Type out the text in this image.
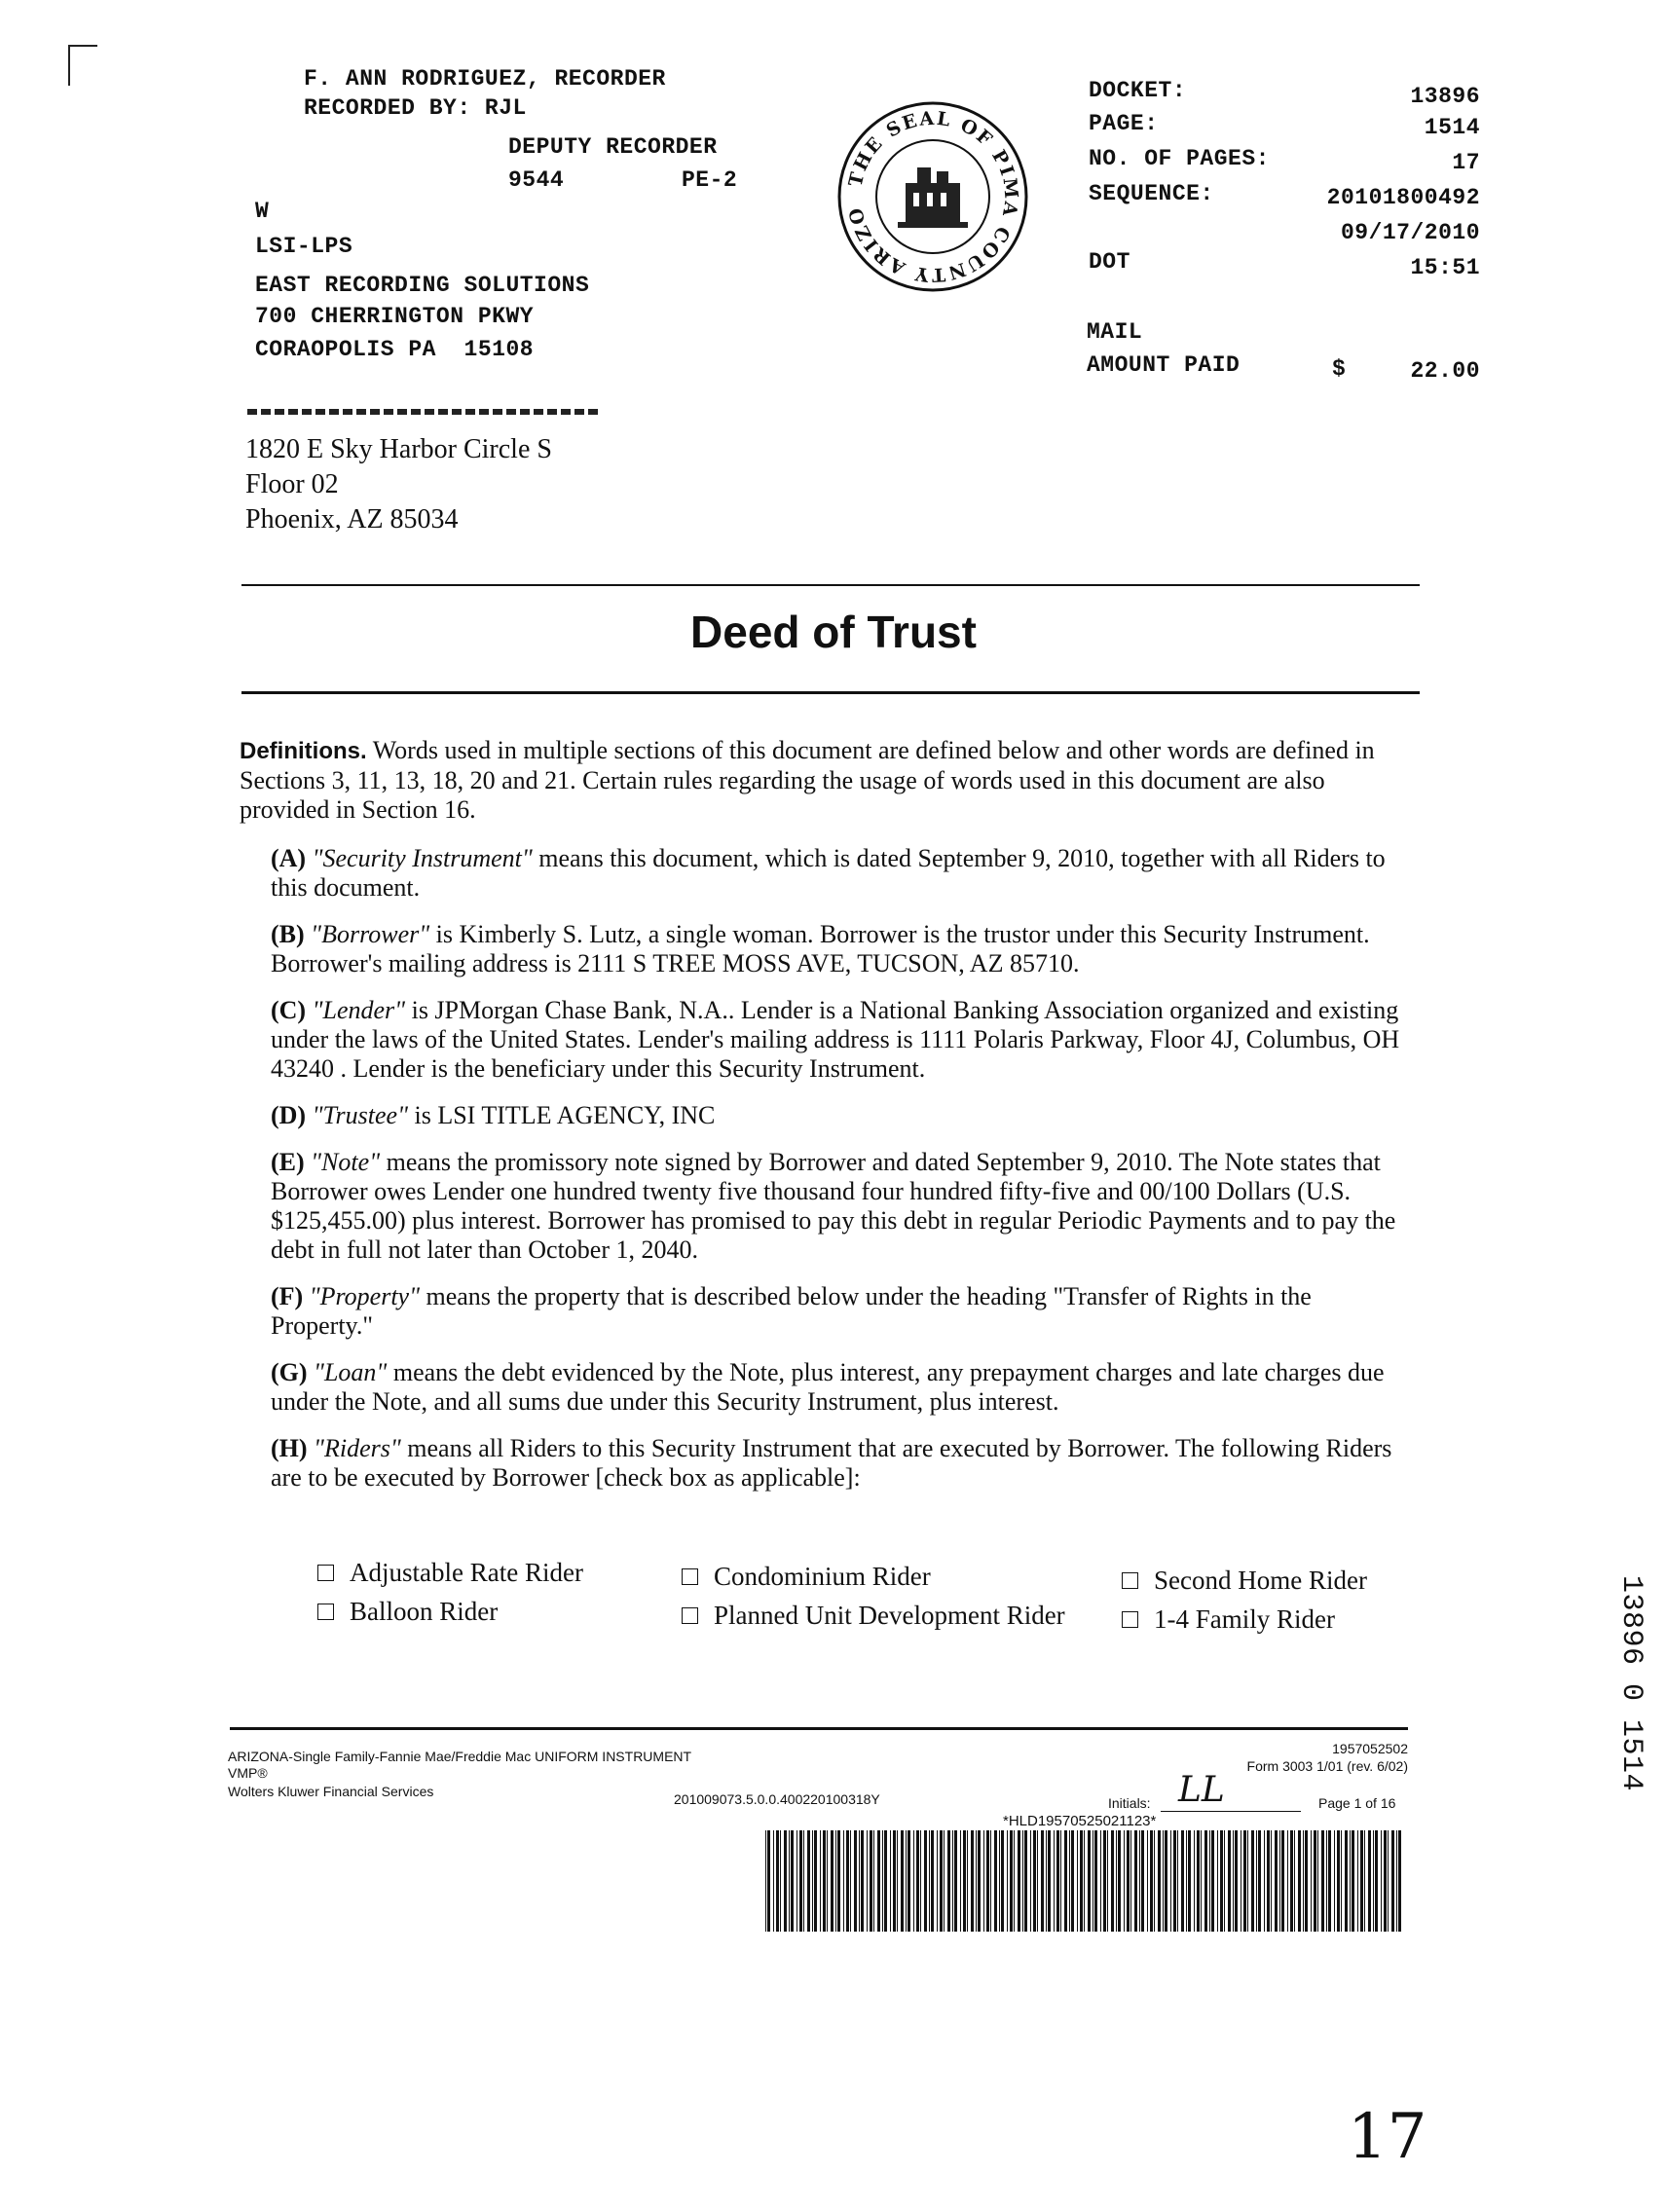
F. ANN RODRIGUEZ, RECORDER
RECORDED BY: RJL
DEPUTY RECORDER
9544	PE-2
W
LSI-LPS
EAST RECORDING SOLUTIONS
700 CHERRINGTON PKWY
CORAOPOLIS PA  15108
THE SEAL OF PIMA COUNTY ARIZO
DOCKET:	13896
PAGE:	1514
NO. OF PAGES:	17
SEQUENCE:	20101800492
09/17/2010
DOT	15:51
MAIL
AMOUNT PAID	$	22.00
1820 E Sky Harbor Circle S
Floor 02
Phoenix, AZ 85034
Deed of Trust
Definitions. Words used in multiple sections of this document are defined below and other words are defined in Sections 3, 11, 13, 18, 20 and 21. Certain rules regarding the usage of words used in this document are also provided in Section 16.
(A) "Security Instrument" means this document, which is dated September 9, 2010, together with all Riders to this document.
(B) "Borrower" is Kimberly S. Lutz, a single woman. Borrower is the trustor under this Security Instrument. Borrower's mailing address is 2111 S TREE MOSS AVE, TUCSON, AZ 85710.
(C) "Lender" is JPMorgan Chase Bank, N.A.. Lender is a National Banking Association organized and existing under the laws of the United States. Lender's mailing address is 1111 Polaris Parkway, Floor 4J, Columbus, OH 43240 . Lender is the beneficiary under this Security Instrument.
(D) "Trustee" is LSI TITLE AGENCY, INC
(E) "Note" means the promissory note signed by Borrower and dated September 9, 2010. The Note states that Borrower owes Lender one hundred twenty five thousand four hundred fifty-five and 00/100 Dollars (U.S. $125,455.00) plus interest. Borrower has promised to pay this debt in regular Periodic Payments and to pay the debt in full not later than October 1, 2040.
(F) "Property" means the property that is described below under the heading "Transfer of Rights in the Property."
(G) "Loan" means the debt evidenced by the Note, plus interest, any prepayment charges and late charges due under the Note, and all sums due under this Security Instrument, plus interest.
(H) "Riders" means all Riders to this Security Instrument that are executed by Borrower. The following Riders are to be executed by Borrower [check box as applicable]:
Adjustable Rate Rider
Balloon Rider
Condominium Rider
Planned Unit Development Rider
Second Home Rider
1-4 Family Rider
ARIZONA-Single Family-Fannie Mae/Freddie Mac UNIFORM INSTRUMENT
VMP®
Wolters Kluwer Financial Services	201009073.5.0.0.4002201003​18Y
1957052502
Form 3003 1/01 (rev. 6/02)
Initials: LL	Page 1 of 16
*HLD19570525021123*
13896 0 1514
17
